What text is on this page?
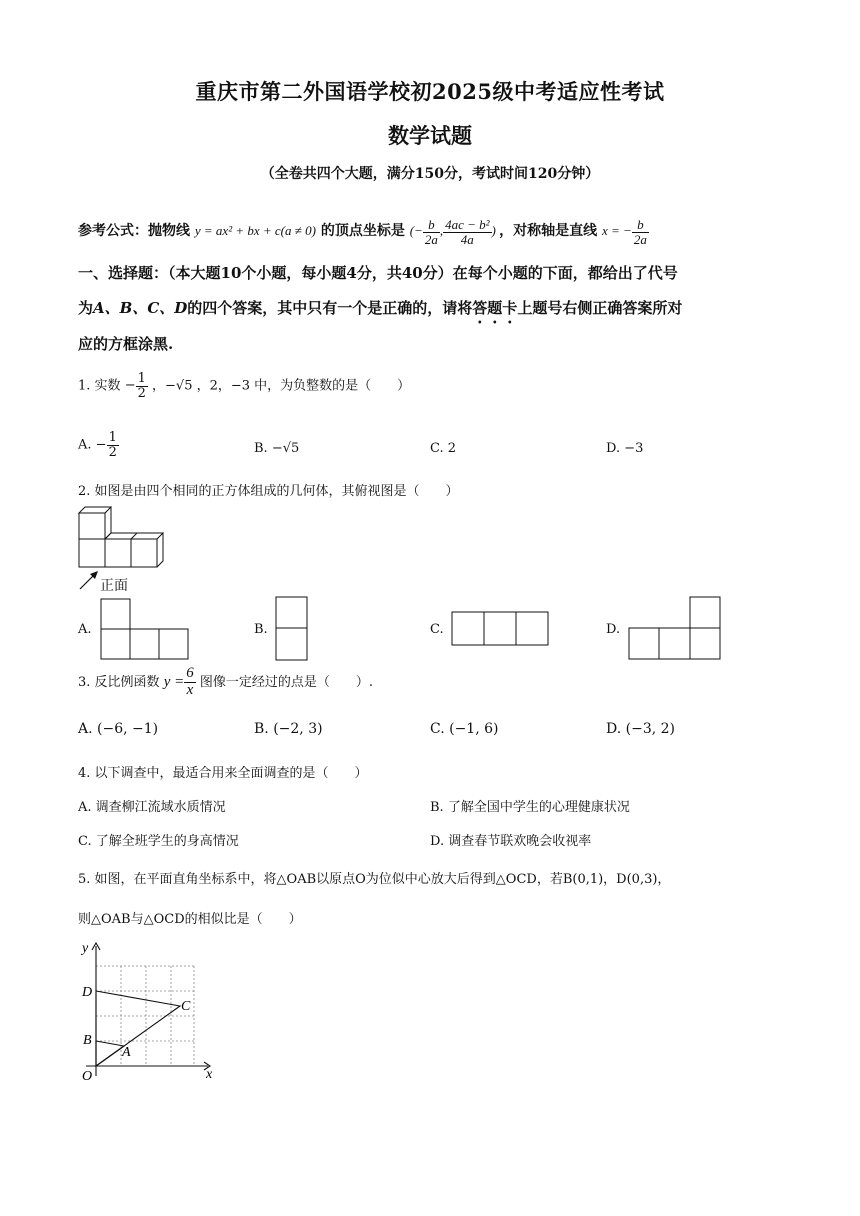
重庆市第二外国语学校初2025级中考适应性考试
数学试题
（全卷共四个大题，满分150分，考试时间120分钟）
参考公式：抛物线 y = ax² + bx + c(a ≠ 0) 的顶点坐标是 (− $\frac{b}{2a}$ , $\frac{\text{4ac − b²}}{4a}$ ) ，对称轴是直线 x = − $\frac{b}{2a}$
一、选择题：（本大题10个小题，每小题4分，共40分）在每个小题的下面，都给出了代号
为A、B、C、D的四个答案，其中只有一个是正确的，请将答题卡上题号右侧正确答案所对
应的方框涂黑.
1. 实数 − $\frac{1}{2}$ ，−√5 ，2，−3 中，为负整数的是（　　）
A. − $\frac{1}{2}$	B. −√5	C. 2	D. −3
2. 如图是由四个相同的正方体组成的几何体，其俯视图是（　　）
正面
A.	B.	C.	D.
3. 反比例函数 $y = \frac{6}{x}$ 图像一定经过的点是（　　）.
A. (−6, −1)	B. (−2, 3)	C. (−1, 6)	D. (−3, 2)
4. 以下调查中，最适合用来全面调查的是（　　）
A. 调查柳江流域水质情况	B. 了解全国中学生的心理健康状况
C. 了解全班学生的身高情况	D. 调查春节联欢晚会收视率
5. 如图，在平面直角坐标系中，将△OAB以原点O为位似中心放大后得到△OCD，若B(0,1)，D(0,3)，
则△OAB与△OCD的相似比是（　　）
y
x
O
D
C
B
A
